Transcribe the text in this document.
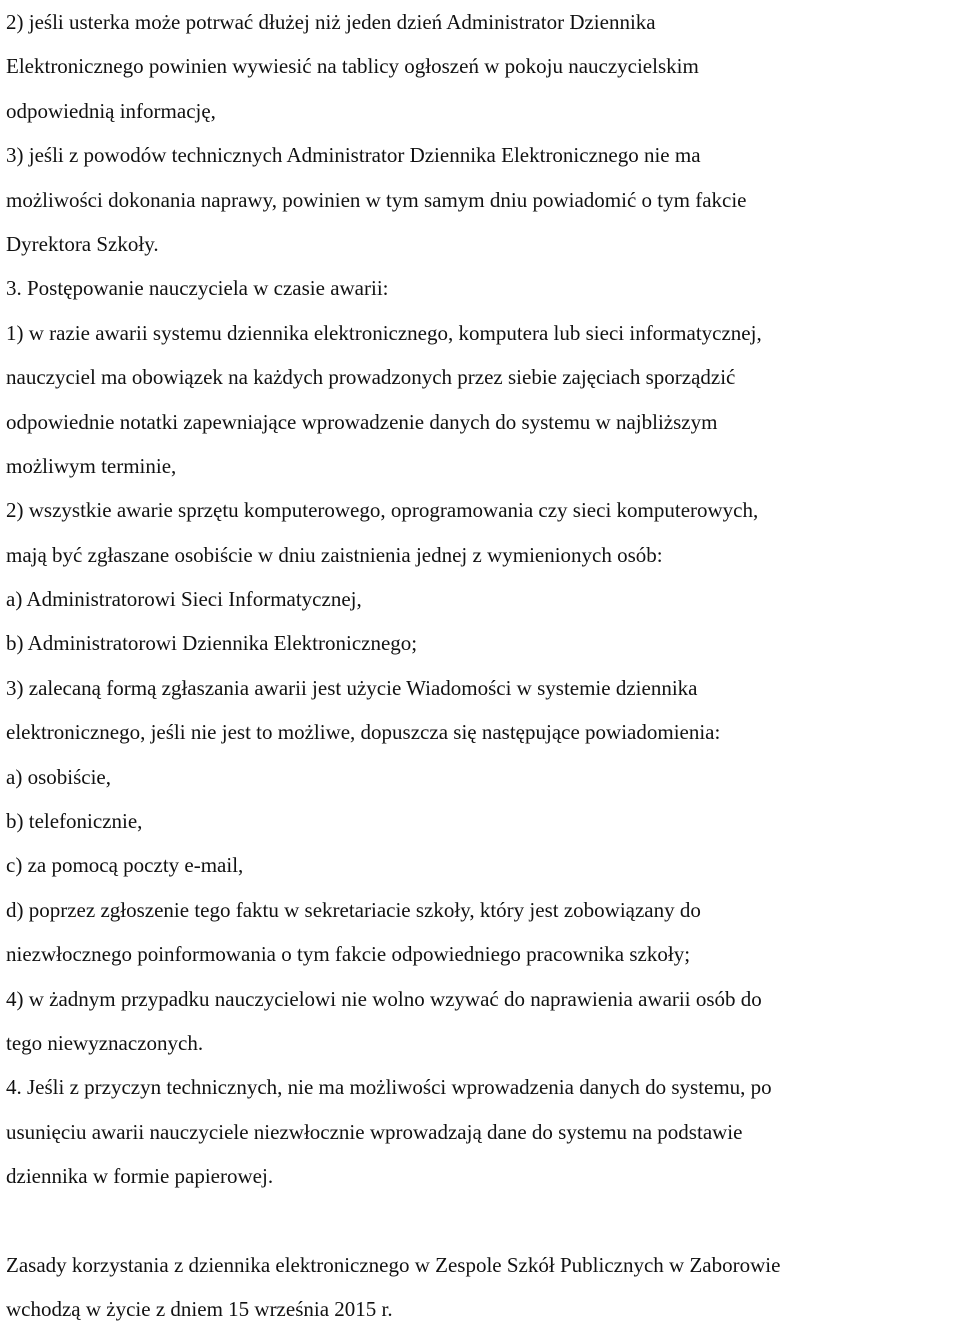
2) jeśli usterka może potrwać dłużej niż jeden dzień Administrator Dziennika
Elektronicznego powinien wywiesić na tablicy ogłoszeń w pokoju nauczycielskim
odpowiednią informację,
3) jeśli z powodów technicznych Administrator Dziennika Elektronicznego nie ma
możliwości dokonania naprawy, powinien w tym samym dniu powiadomić o tym fakcie
Dyrektora Szkoły.
3. Postępowanie nauczyciela w czasie awarii:
1) w razie awarii systemu dziennika elektronicznego, komputera lub sieci informatycznej,
nauczyciel ma obowiązek na każdych prowadzonych przez siebie zajęciach sporządzić
odpowiednie notatki zapewniające wprowadzenie danych do systemu w najbliższym
możliwym terminie,
2) wszystkie awarie sprzętu komputerowego, oprogramowania czy sieci komputerowych,
mają być zgłaszane osobiście w dniu zaistnienia jednej z wymienionych osób:
a) Administratorowi Sieci Informatycznej,
b) Administratorowi Dziennika Elektronicznego;
3) zalecaną formą zgłaszania awarii jest użycie Wiadomości w systemie dziennika
elektronicznego, jeśli nie jest to możliwe, dopuszcza się następujące powiadomienia:
a) osobiście,
b) telefonicznie,
c) za pomocą poczty e-mail,
d) poprzez zgłoszenie tego faktu w sekretariacie szkoły, który jest zobowiązany do
niezwłocznego poinformowania o tym fakcie odpowiedniego pracownika szkoły;
4) w żadnym przypadku nauczycielowi nie wolno wzywać do naprawienia awarii osób do
tego niewyznaczonych.
4. Jeśli z przyczyn technicznych, nie ma możliwości wprowadzenia danych do systemu, po
usunięciu awarii nauczyciele niezwłocznie wprowadzają dane do systemu na podstawie
dziennika w formie papierowej.
Zasady korzystania z dziennika elektronicznego w Zespole Szkół Publicznych w Zaborowie
wchodzą w życie z dniem 15 września 2015 r.
